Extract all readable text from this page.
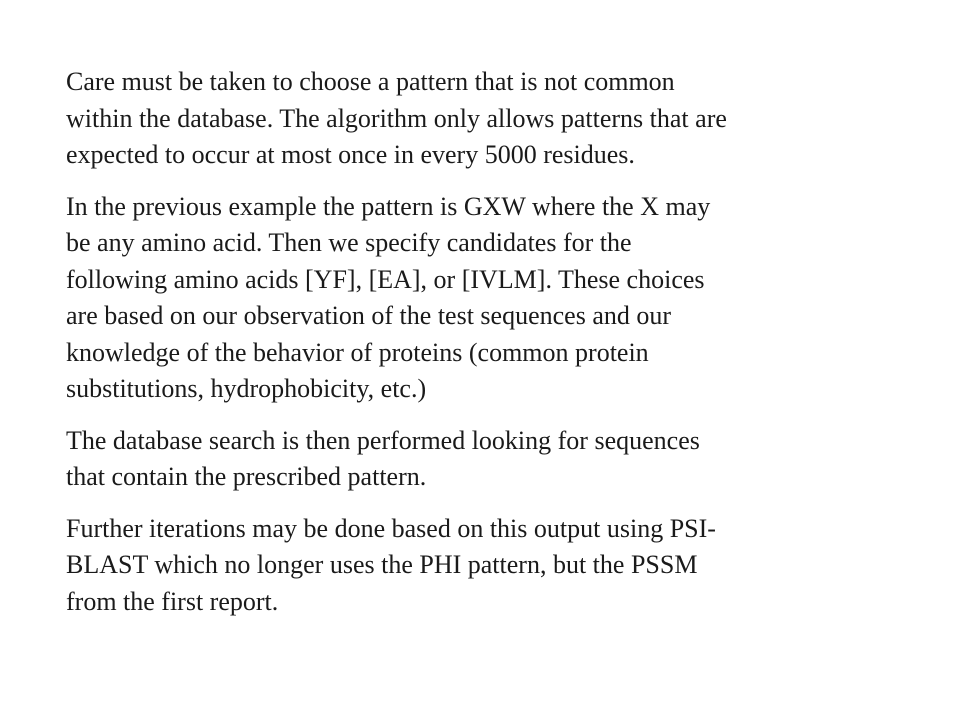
Care must be taken to choose a pattern that is not common
within the database. The algorithm only allows patterns that are
expected to occur at most once in every 5000 residues.

In the previous example the pattern is GXW where the X may
be any amino acid. Then we specify candidates for the
following amino acids [YF], [EA], or [IVLM]. These choices
are based on our observation of the test sequences and our
knowledge of the behavior of proteins (common protein
substitutions, hydrophobicity, etc.)

The database search is then performed looking for sequences
that contain the prescribed pattern.

Further iterations may be done based on this output using PSI-
BLAST which no longer uses the PHI pattern, but the PSSM
from the first report.
